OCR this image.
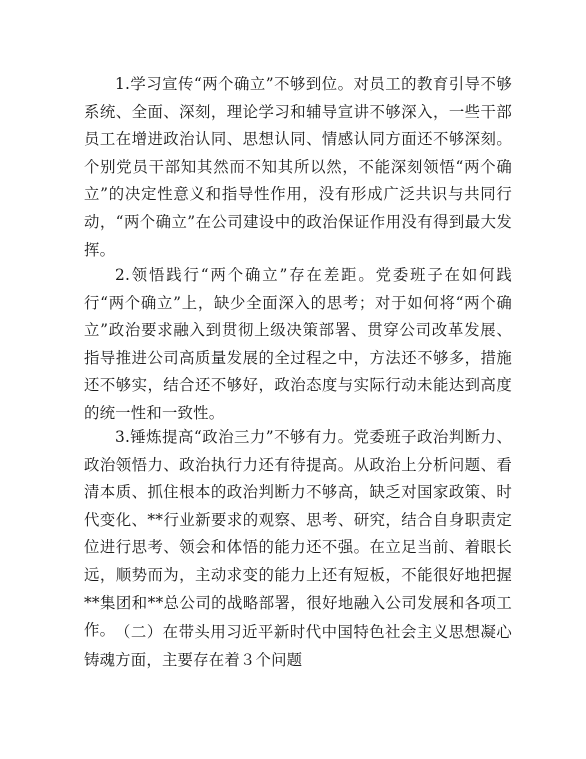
1.学习宣传“两个确立”不够到位。对员工的教育引导不够系统、全面、深刻，理论学习和辅导宣讲不够深入，一些干部员工在增进政治认同、思想认同、情感认同方面还不够深刻。个别党员干部知其然而不知其所以然，不能深刻领悟“两个确立”的决定性意义和指导性作用，没有形成广泛共识与共同行动，“两个确立”在公司建设中的政治保证作用没有得到最大发挥。

2.领悟践行“两个确立”存在差距。党委班子在如何践行“两个确立”上，缺少全面深入的思考；对于如何将“两个确立”政治要求融入到贯彻上级决策部署、贯穿公司改革发展、指导推进公司高质量发展的全过程之中，方法还不够多，措施还不够实，结合还不够好，政治态度与实际行动未能达到高度的统一性和一致性。

3.锤炼提高“政治三力”不够有力。党委班子政治判断力、政治领悟力、政治执行力还有待提高。从政治上分析问题、看清本质、抓住根本的政治判断力不够高，缺乏对国家政策、时代变化、**行业新要求的观察、思考、研究，结合自身职责定位进行思考、领会和体悟的能力还不强。在立足当前、着眼长远，顺势而为，主动求变的能力上还有短板，不能很好地把握**集团和**总公司的战略部署，很好地融入公司发展和各项工作。 （二）在带头用习近平新时代中国特色社会主义思想凝心铸魂方面，主要存在着３个问题
